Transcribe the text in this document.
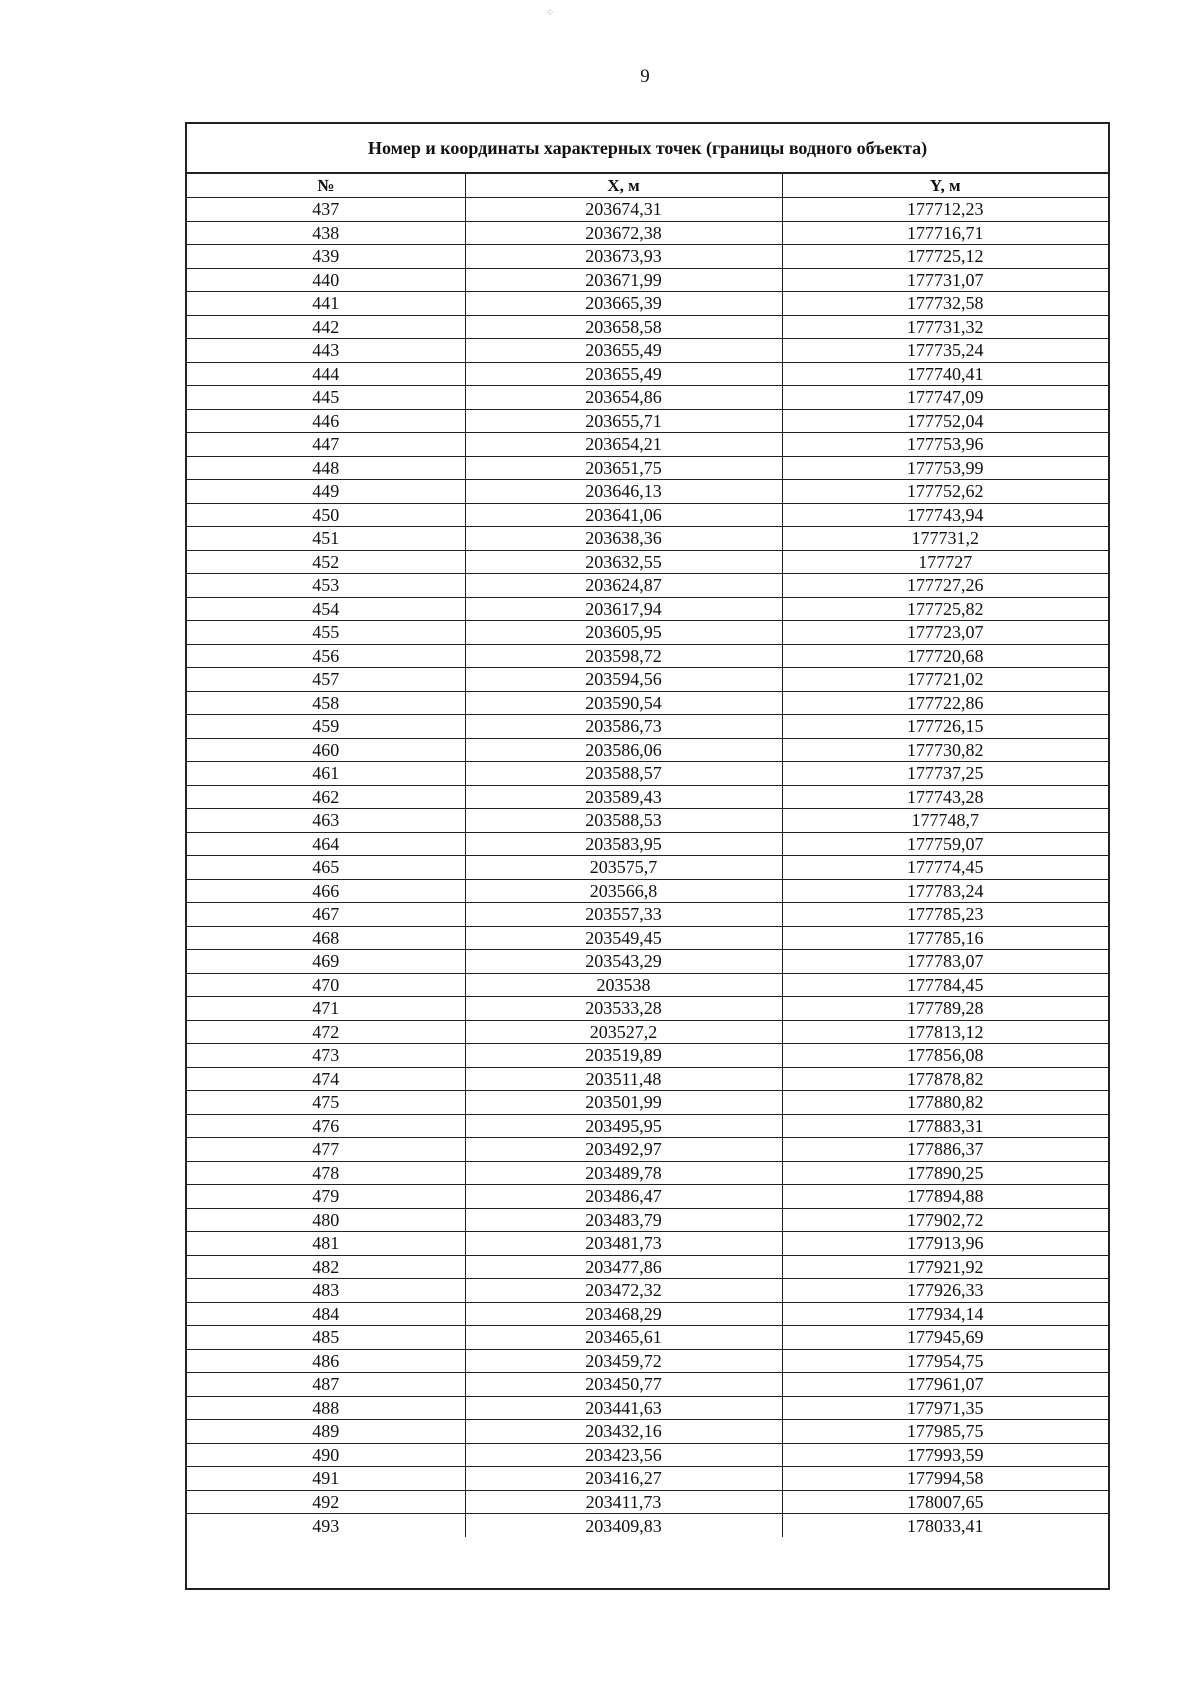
⁘
9
Номер и координаты характерных точек (границы водного объекта)
№	X, м	Y, м
437	203674,31	177712,23
438	203672,38	177716,71
439	203673,93	177725,12
440	203671,99	177731,07
441	203665,39	177732,58
442	203658,58	177731,32
443	203655,49	177735,24
444	203655,49	177740,41
445	203654,86	177747,09
446	203655,71	177752,04
447	203654,21	177753,96
448	203651,75	177753,99
449	203646,13	177752,62
450	203641,06	177743,94
451	203638,36	177731,2
452	203632,55	177727
453	203624,87	177727,26
454	203617,94	177725,82
455	203605,95	177723,07
456	203598,72	177720,68
457	203594,56	177721,02
458	203590,54	177722,86
459	203586,73	177726,15
460	203586,06	177730,82
461	203588,57	177737,25
462	203589,43	177743,28
463	203588,53	177748,7
464	203583,95	177759,07
465	203575,7	177774,45
466	203566,8	177783,24
467	203557,33	177785,23
468	203549,45	177785,16
469	203543,29	177783,07
470	203538	177784,45
471	203533,28	177789,28
472	203527,2	177813,12
473	203519,89	177856,08
474	203511,48	177878,82
475	203501,99	177880,82
476	203495,95	177883,31
477	203492,97	177886,37
478	203489,78	177890,25
479	203486,47	177894,88
480	203483,79	177902,72
481	203481,73	177913,96
482	203477,86	177921,92
483	203472,32	177926,33
484	203468,29	177934,14
485	203465,61	177945,69
486	203459,72	177954,75
487	203450,77	177961,07
488	203441,63	177971,35
489	203432,16	177985,75
490	203423,56	177993,59
491	203416,27	177994,58
492	203411,73	178007,65
493	203409,83	178033,41
